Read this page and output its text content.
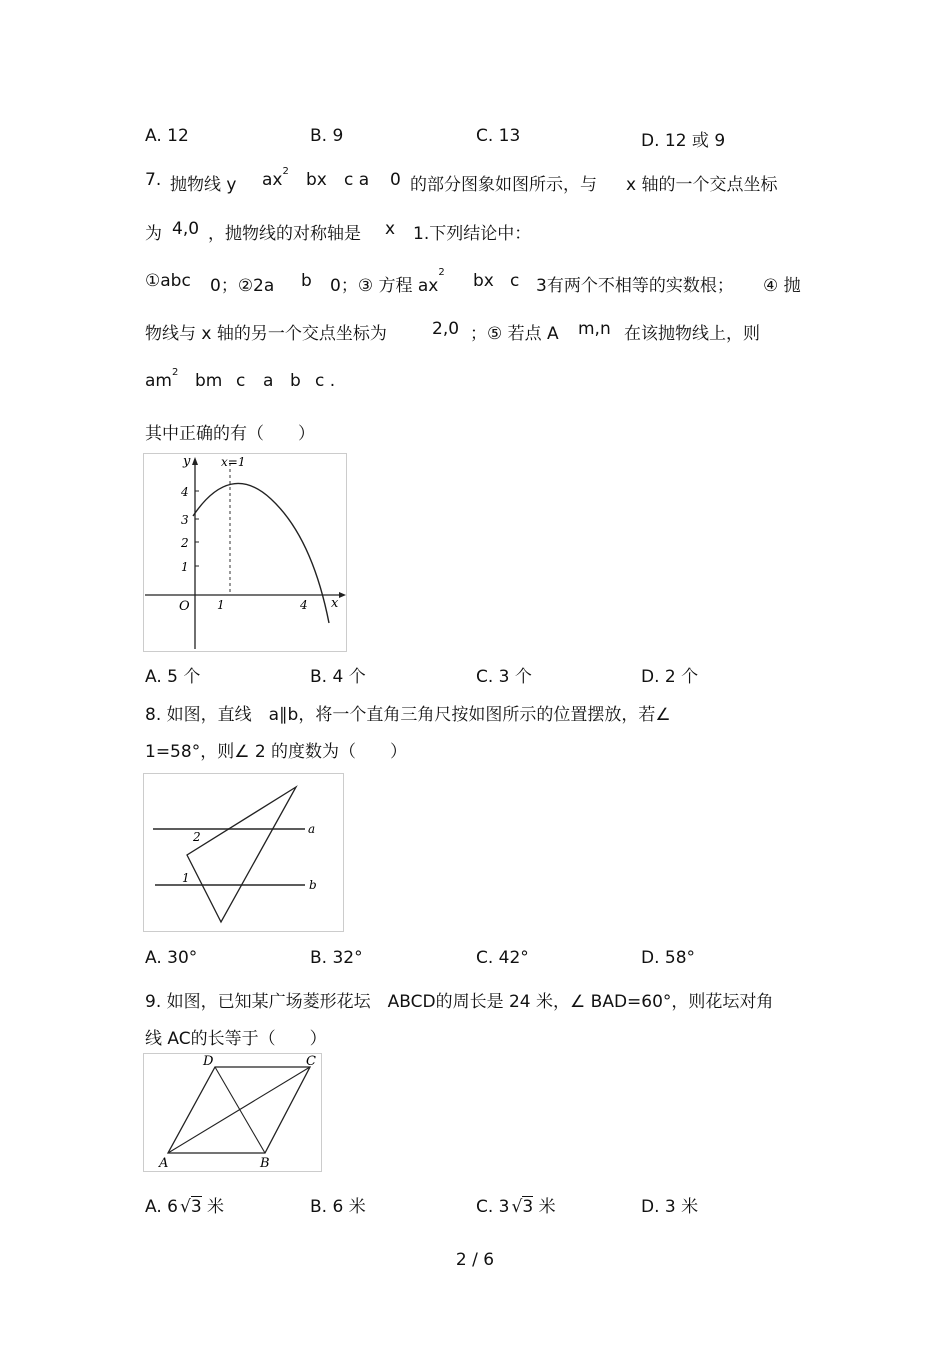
A. 12	B. 9	C. 13	D. 12 或 9
7. 抛物线 y $ax^2$ bx c a 0 的部分图象如图所示，与 x 轴的一个交点坐标
为 4,0 ，抛物线的对称轴是 x 1.下列结论中：
①abc 0；②2a b 0；③ 方程 $ax^2$ bx c 3有两个不相等的实数根； ④ 抛
物线与 x 轴的另一个交点坐标为	2,0 ；⑤ 若点 A m,n 在该抛物线上，则
$am^2$ bm c a b c .
其中正确的有（　　）
y	x=1
x
O
4
3
2
1
1	4
A. 5 个	B. 4 个	C. 3 个	D. 2 个
8. 如图，直线　a∥b，将一个直角三角尺按如图所示的位置摆放，若∠
1=58°，则∠ 2 的度数为（　　）
a
b
2
1
A. 30°	B. 32°	C. 42°	D. 58°
9. 如图，已知某广场菱形花坛　ABCD的周长是 24 米，∠ BAD=60°，则花坛对角
线 AC的长等于（　　）
A	B
C
D
A. 6 √3 米	B. 6 米	C. 3 √3 米	D. 3 米
2 / 6
